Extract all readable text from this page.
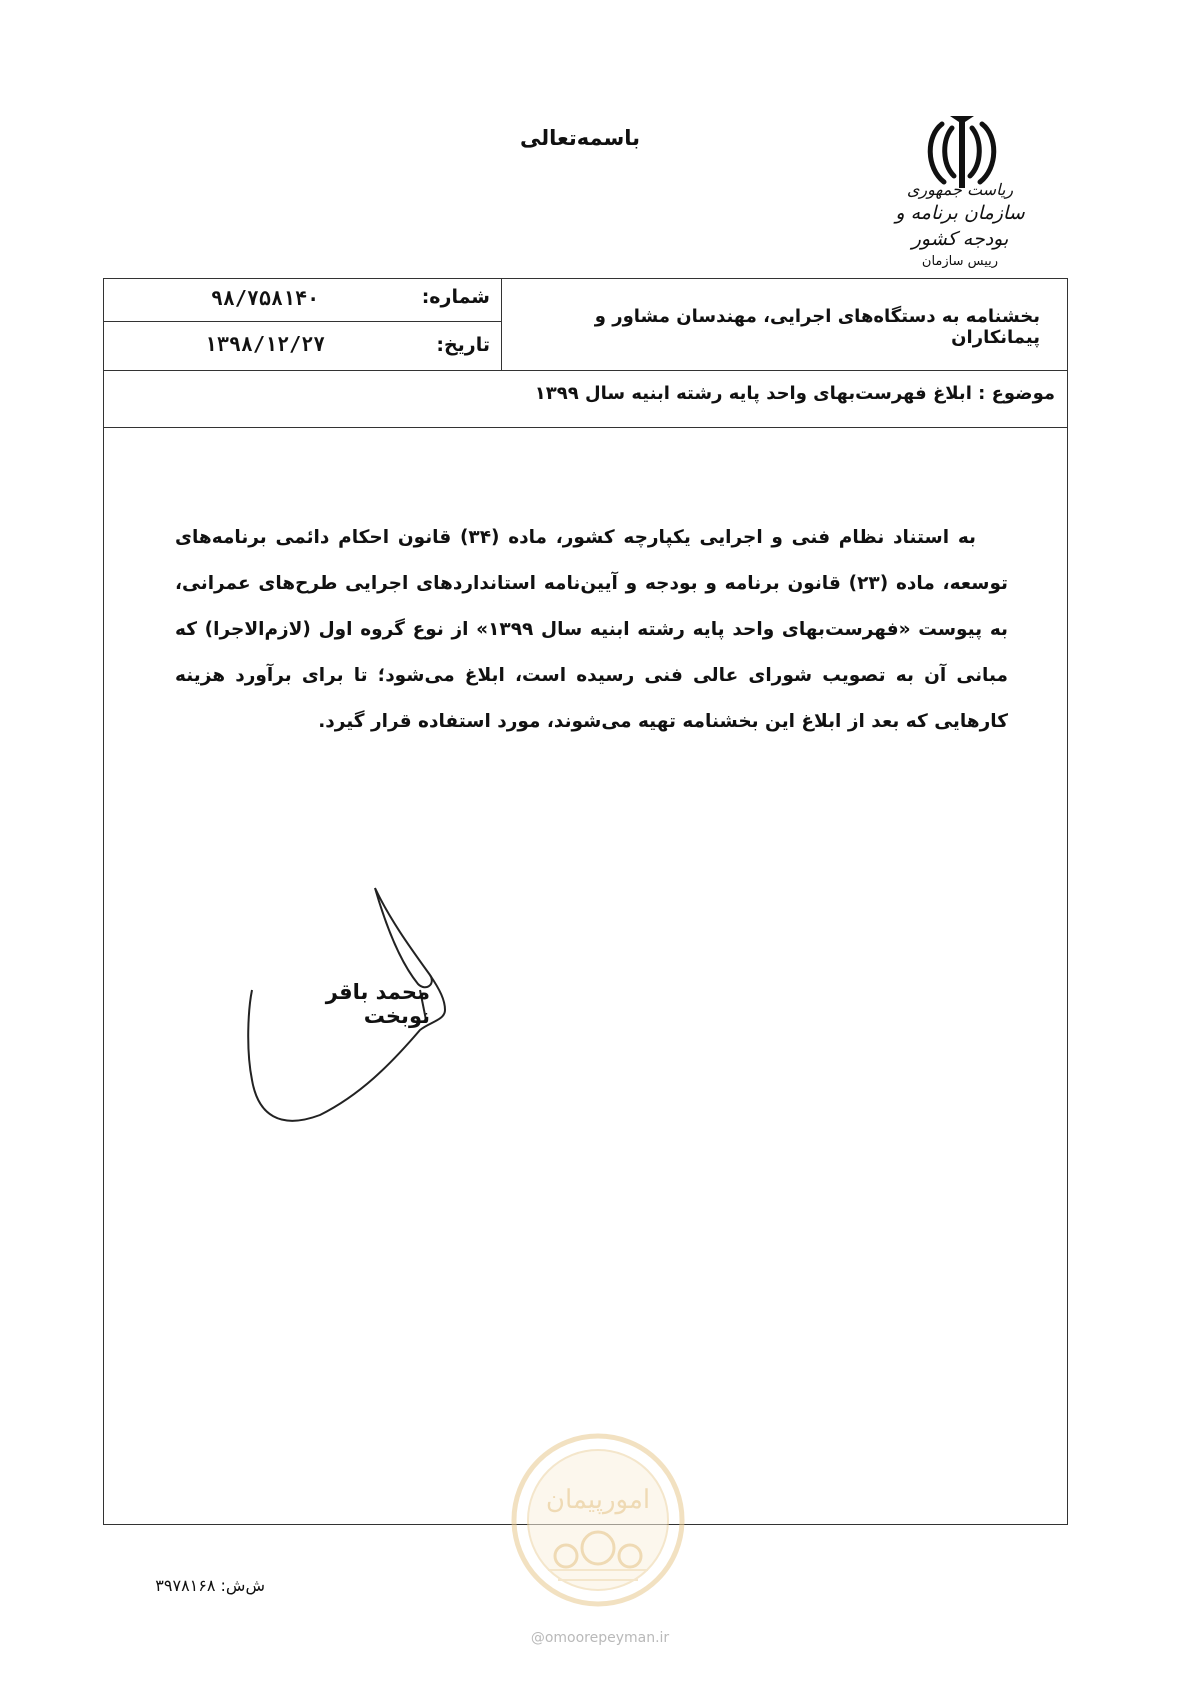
باسمه‌تعالی
ریاست جمهوری
سازمان برنامه و بودجه کشور
رییس سازمان
شماره:
۹۸/۷۵۸۱۴۰
تاریخ:
۱۳۹۸/۱۲/۲۷
بخشنامه به دستگاه‌های اجرایی، مهندسان مشاور و پیمانکاران
موضوع : ابلاغ فهرست‌بهای واحد پایه رشته ابنیه سال ۱۳۹۹
به استناد نظام فنی و اجرایی یکپارچه کشور، ماده (۳۴) قانون احکام دائمی برنامه‌های توسعه، ماده (۲۳) قانون برنامه و بودجه و آیین‌نامه استانداردهای اجرایی طرح‌های عمرانی، به پیوست «فهرست‌بهای واحد پایه رشته ابنیه سال ۱۳۹۹» از نوع گروه اول (لازم‌الاجرا) که مبانی آن به تصویب شورای عالی فنی رسیده است، ابلاغ می‌شود؛ تا برای برآورد هزینه کارهایی که بعد از ابلاغ این بخشنامه تهیه می‌شوند، مورد استفاده قرار گیرد.
محمد باقر نوبخت
ش‌ش: ۳۹۷۸۱۶۸
امورپیمان
@omoorepeyman.ir
